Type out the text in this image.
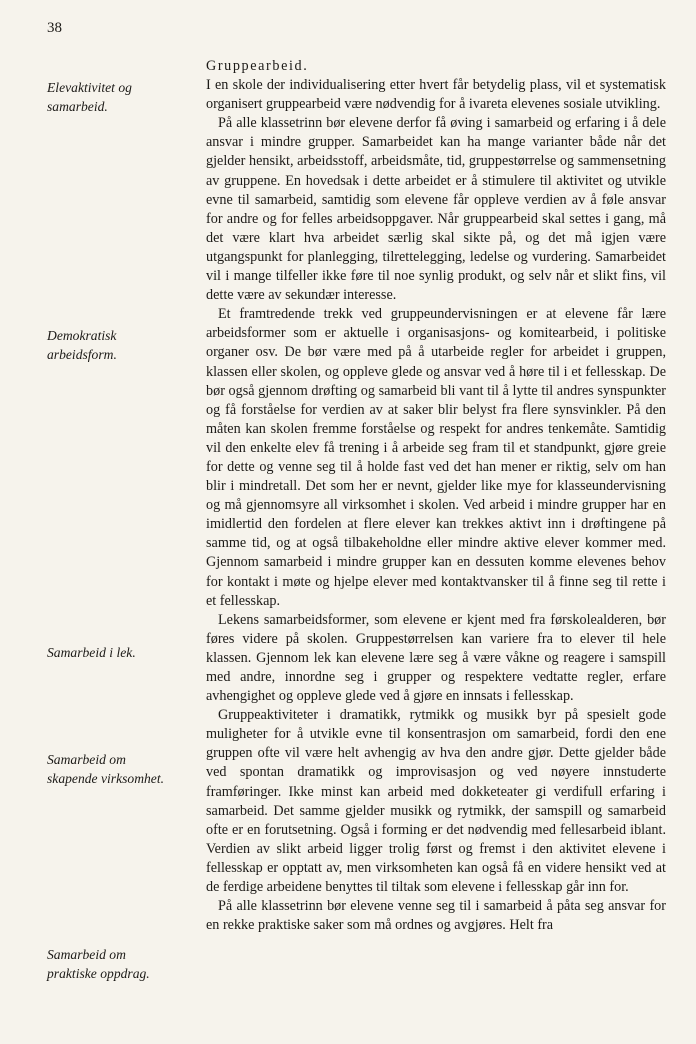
38
Elevaktivitet og
samarbeid.
Demokratisk
arbeidsform.
Samarbeid i lek.
Samarbeid om
skapende virksomhet.
Samarbeid om
praktiske oppdrag.
Gruppearbeid.

I en skole der individualisering etter hvert får betydelig plass, vil et systematisk organisert gruppearbeid være nødvendig for å ivareta elevenes sosiale utvikling.

På alle klassetrinn bør elevene derfor få øving i samarbeid og erfaring i å dele ansvar i mindre grupper. Samarbeidet kan ha mange varianter både når det gjelder hensikt, arbeidsstoff, arbeidsmåte, tid, gruppestørrelse og sammensetning av gruppene. En hovedsak i dette arbeidet er å stimulere til aktivitet og utvikle evne til samarbeid, samtidig som elevene får oppleve verdien av å føle ansvar for andre og for felles arbeidsoppgaver. Når gruppearbeid skal settes i gang, må det være klart hva arbeidet særlig skal sikte på, og det må igjen være utgangspunkt for planlegging, tilrettelegging, ledelse og vurdering. Samarbeidet vil i mange tilfeller ikke føre til noe synlig produkt, og selv når et slikt fins, vil dette være av sekundær interesse.

Et framtredende trekk ved gruppeundervisningen er at elevene får lære arbeidsformer som er aktuelle i organisasjons- og komitearbeid, i politiske organer osv. De bør være med på å utarbeide regler for arbeidet i gruppen, klassen eller skolen, og oppleve glede og ansvar ved å høre til i et fellesskap. De bør også gjennom drøfting og samarbeid bli vant til å lytte til andres synspunkter og få forståelse for verdien av at saker blir belyst fra flere synsvinkler. På den måten kan skolen fremme forståelse og respekt for andres tenkemåte. Samtidig vil den enkelte elev få trening i å arbeide seg fram til et standpunkt, gjøre greie for dette og venne seg til å holde fast ved det han mener er riktig, selv om han blir i mindretall. Det som her er nevnt, gjelder like mye for klasseundervisning og må gjennomsyre all virksomhet i skolen. Ved arbeid i mindre grupper har en imidlertid den fordelen at flere elever kan trekkes aktivt inn i drøftingene på samme tid, og at også tilbakeholdne eller mindre aktive elever kommer med. Gjennom samarbeid i mindre grupper kan en dessuten komme elevenes behov for kontakt i møte og hjelpe elever med kontaktvansker til å finne seg til rette i et fellesskap.

Lekens samarbeidsformer, som elevene er kjent med fra førskolealderen, bør føres videre på skolen. Gruppestørrelsen kan variere fra to elever til hele klassen. Gjennom lek kan elevene lære seg å være våkne og reagere i samspill med andre, innordne seg i grupper og respektere vedtatte regler, erfare avhengighet og oppleve glede ved å gjøre en innsats i fellesskap.

Gruppeaktiviteter i dramatikk, rytmikk og musikk byr på spesielt gode muligheter for å utvikle evne til konsentrasjon om samarbeid, fordi den ene gruppen ofte vil være helt avhengig av hva den andre gjør. Dette gjelder både ved spontan dramatikk og improvisasjon og ved nøyere innstuderte framføringer. Ikke minst kan arbeid med dokketeater gi verdifull erfaring i samarbeid. Det samme gjelder musikk og rytmikk, der samspill og samarbeid ofte er en forutsetning. Også i forming er det nødvendig med fellesarbeid iblant. Verdien av slikt arbeid ligger trolig først og fremst i den aktivitet elevene i fellesskap er opptatt av, men virksomheten kan også få en videre hensikt ved at de ferdige arbeidene benyttes til tiltak som elevene i fellesskap går inn for.

På alle klassetrinn bør elevene venne seg til i samarbeid å påta seg ansvar for en rekke praktiske saker som må ordnes og avgjøres. Helt fra
